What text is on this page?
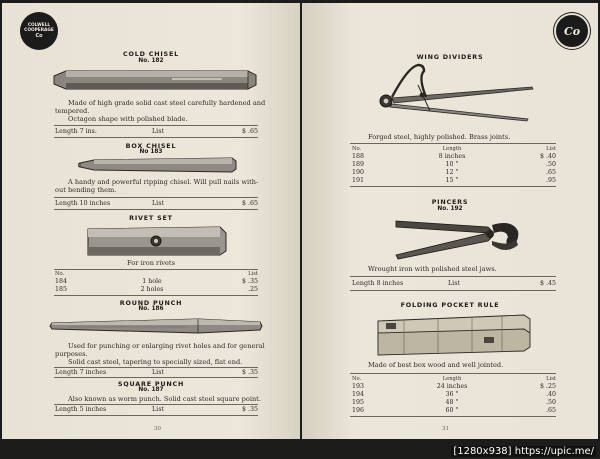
COLWELL
COOPERAGE
Co
COLD CHISEL
No. 182
Made of high grade solid cast steel carefully hardened and
tempered.
Octagon shape with polished blade.
Length 7 ins.	List	$ .65
BOX CHISEL
No 183
A handy and powerful ripping chisel. Will pull nails with-
out bending them.
Length 10 inches	List	$ .65
RIVET SET
For iron rivets
No.	List
184	1 hole	$ .35
185	2 holes	.25
ROUND PUNCH
No. 186
Used for punching or enlarging rivet holes and for general
purposes.
Solid cast steel, tapering to specially sized, flat end.
Length 7 inches	List	$ .35
SQUARE PUNCH
No. 187
Also known as worm punch. Solid cast steel square point.
Length 5 inches	List	$ .35
30
Co
WING DIVIDERS
Forged steel, highly polished. Brass joints.
No.	Length	List
188	8 inches	$ .40
189	10 "	.50
190	12 "	.65
191	15 "	.95
PINCERS
No. 192
Wrought iron with polished steel jaws.
Length 8 inches	List	$ .45
FOLDING POCKET RULE
Made of best box wood and well jointed.
No.	Length	List
193	24 inches	$ .25
194	36 "	.40
195	48 "	.50
196	60 "	.65
31
[1280x938] https://upic.me/
